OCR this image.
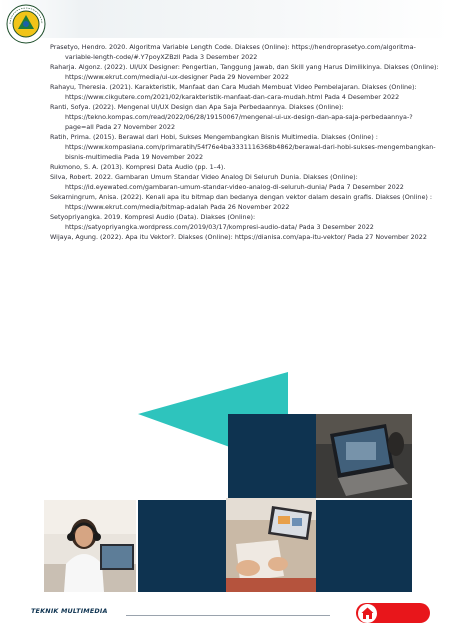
Prasetyo, Hendro. 2020. Algoritma Variable Length Code. Diakses (Online): https://hendroprasetyo.com/algoritma-variable-length-code/#.Y7poyXZBzll Pada 3 Desember 2022
Raharja. Algonz. (2022). UI/UX Designer: Pengertian, Tanggung Jawab, dan Skill yang Harus Dimilikinya. Diakses (Online): https://www.ekrut.com/media/ui-ux-designer Pada 29 November 2022
Rahayu, Theresia. (2021). Karakteristik, Manfaat dan Cara Mudah Membuat Video Pembelajaran. Diakses (Online): https://www.cikgutere.com/2021/02/karakteristik-manfaat-dan-cara-mudah.html Pada 4 Desember 2022
Ranti, Sofya. (2022). Mengenal UI/UX Design dan Apa Saja Perbedaannya. Diakses (Online): https://tekno.kompas.com/read/2022/06/28/19150067/mengenal-ui-ux-design-dan-apa-saja-perbedaannya-?page=all Pada 27 November 2022
Ratih, Prima. (2015). Berawal dari Hobi, Sukses Mengembangkan Bisnis Multimedia. Diakses (Online) : https://www.kompasiana.com/primaratih/54f76e4ba3331116368b4862/berawal-dari-hobi-sukses-mengembangkan-bisnis-multimedia Pada 19 November 2022
Rukmono, S. A. (2013). Kompresi Data Audio (pp. 1–4).
Silva, Robert. 2022. Gambaran Umum Standar Video Analog Di Seluruh Dunia. Diakses (Online): https://id.eyewated.com/gambaran-umum-standar-video-analog-di-seluruh-dunia/ Pada 7 Desember 2022
Sekarningrum, Anisa. (2022). Kenali apa itu bitmap dan bedanya dengan vektor dalam desain grafis. Diakses (Online) : https://www.ekrut.com/media/bitmap-adalah Pada 26 November 2022
Setyopriyangka. 2019. Kompresi Audio (Data). Diakses (Online): https://satyopriyangka.wordpress.com/2019/03/17/kompresi-audio-data/ Pada 3 Desember 2022
Wijaya, Agung. (2022). Apa itu Vektor?. Diakses (Online): https://dianisa.com/apa-itu-vektor/ Pada 27 November 2022
TEKNIK MULTIMEDIA
